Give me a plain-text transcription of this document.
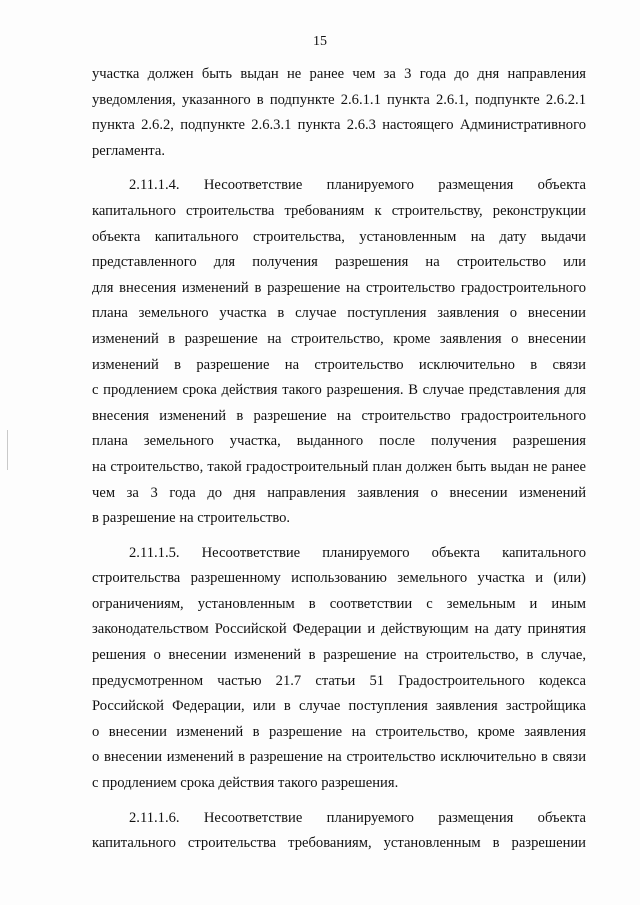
15
участка должен быть выдан не ранее чем за 3 года до дня направления
уведомления, указанного в подпункте 2.6.1.1 пункта 2.6.1, подпункте 2.6.2.1
пункта 2.6.2, подпункте 2.6.3.1 пункта 2.6.3 настоящего Административного
регламента.
2.11.1.4. Несоответствие планируемого размещения объекта
капитального строительства требованиям к строительству, реконструкции
объекта капитального строительства, установленным на дату выдачи
представленного для получения разрешения на строительство или
для внесения изменений в разрешение на строительство градостроительного
плана земельного участка в случае поступления заявления о внесении
изменений в разрешение на строительство, кроме заявления о внесении
изменений в разрешение на строительство исключительно в связи
с продлением срока действия такого разрешения. В случае представления для
внесения изменений в разрешение на строительство градостроительного
плана земельного участка, выданного после получения разрешения
на строительство, такой градостроительный план должен быть выдан не ранее
чем за 3 года до дня направления заявления о внесении изменений
в разрешение на строительство.
2.11.1.5. Несоответствие планируемого объекта капитального
строительства разрешенному использованию земельного участка и (или)
ограничениям, установленным в соответствии с земельным и иным
законодательством Российской Федерации и действующим на дату принятия
решения о внесении изменений в разрешение на строительство, в случае,
предусмотренном частью 21.7 статьи 51 Градостроительного кодекса
Российской Федерации, или в случае поступления заявления застройщика
о внесении изменений в разрешение на строительство, кроме заявления
о внесении изменений в разрешение на строительство исключительно в связи
с продлением срока действия такого разрешения.
2.11.1.6. Несоответствие планируемого размещения объекта
капитального строительства требованиям, установленным в разрешении
